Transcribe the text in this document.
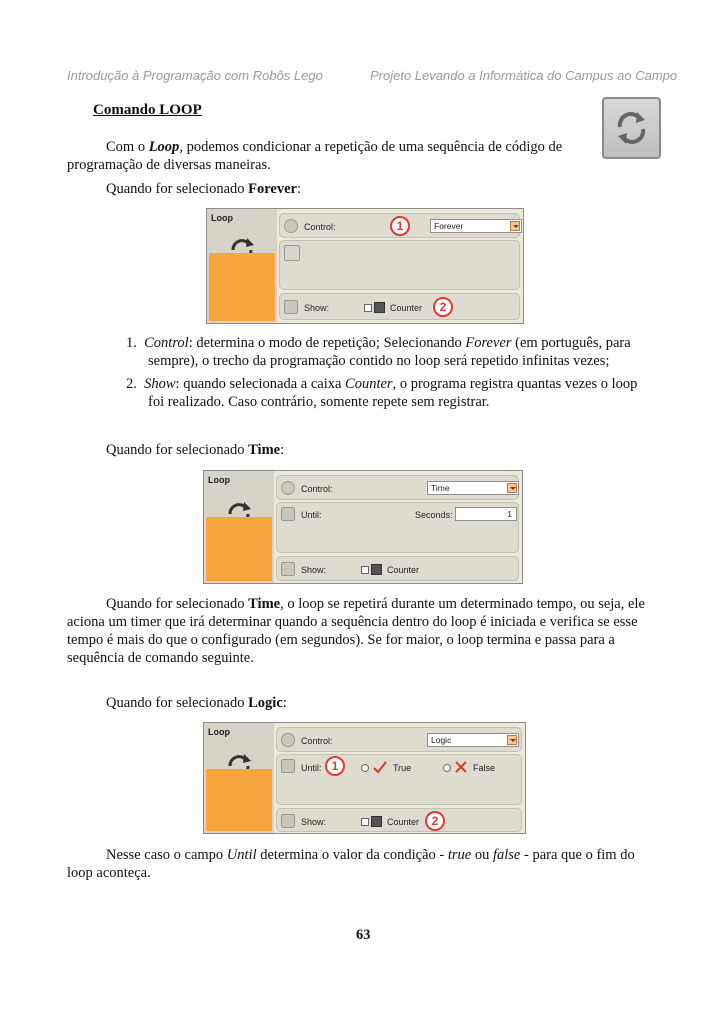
Introdução à Programação com Robôs Lego	Projeto Levando a Informática do Campus ao Campo
Comando LOOP
Com o Loop, podemos condicionar a repetição de uma sequência de código de
programação de diversas maneiras.
Quando for selecionado Forever:
Loop
Control:	1	Forever
Show:	Counter	2
1. Control: determina o modo de repetição; Selecionando Forever (em português, para
sempre), o trecho da programação contido no loop será repetido infinitas vezes;
2. Show: quando selecionada a caixa Counter, o programa registra quantas vezes o loop
foi realizado. Caso contrário, somente repete sem registrar.
Quando for selecionado Time:
Loop
Control:	Time
Until:	Seconds:	1
Show:	Counter
Quando for selecionado Time, o loop se repetirá durante um determinado tempo, ou seja, ele
aciona um timer que irá determinar quando a sequência dentro do loop é iniciada e verifica se esse
tempo é mais do que o configurado (em segundos). Se for maior, o loop termina e passa para a
sequência de comando seguinte.
Quando for selecionado Logic:
Loop
Control:	Logic
Until: 1	True	False
Show:	Counter	2
Nesse caso o campo Until determina o valor da condição - true ou false - para que o fim do
loop aconteça.
63
